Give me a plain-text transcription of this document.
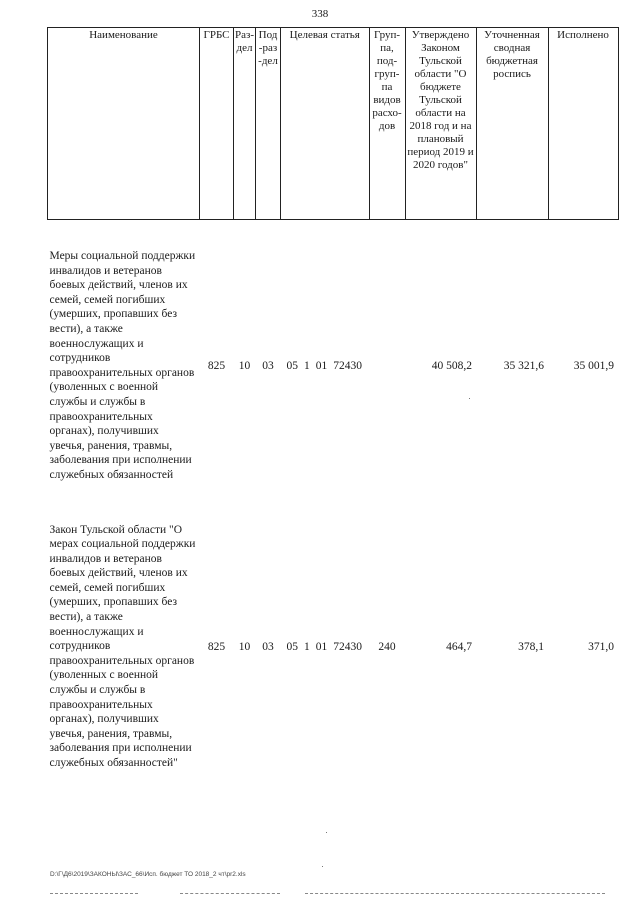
338
Наименование	ГРБС	Раз-дел	Под-раз-дел	Целевая статья	Груп-па, под-груп-па видов расхо-дов	Утверждено Законом Тульской области "О бюджете Тульской области на 2018 год и на плановый период 2019 и 2020 годов"	Уточненная сводная бюджетная роспись	Исполнено

Меры социальной поддержки инвалидов и ветеранов боевых действий, членов их семей, семей погибших (умерших, пропавших без вести), а также военнослужащих и сотрудников правоохранительных органов (уволенных с военной службы и службы в правоохранительных органах), получивших увечья, ранения, травмы, заболевания при исполнении служебных обязанностей	825	10	03	05 1 01 72430		40 508,2	35 321,6	35 001,9

Закон Тульской области "О мерах социальной поддержки инвалидов и ветеранов боевых действий, членов их семей, семей погибших (умерших, пропавших без вести), а также военнослужащих и сотрудников правоохранительных органов (уволенных с военной службы и службы в правоохранительных органах), получивших увечья, ранения, травмы, заболевания при исполнении служебных обязанностей"	825	10	03	05 1 01 72430	240	464,7	378,1	371,0
D:\Г\Д6\2019\ЗАКОНЫ\ЗАС_66\Исп. бюджет ТО 2018_2 чт\рr2.xls
